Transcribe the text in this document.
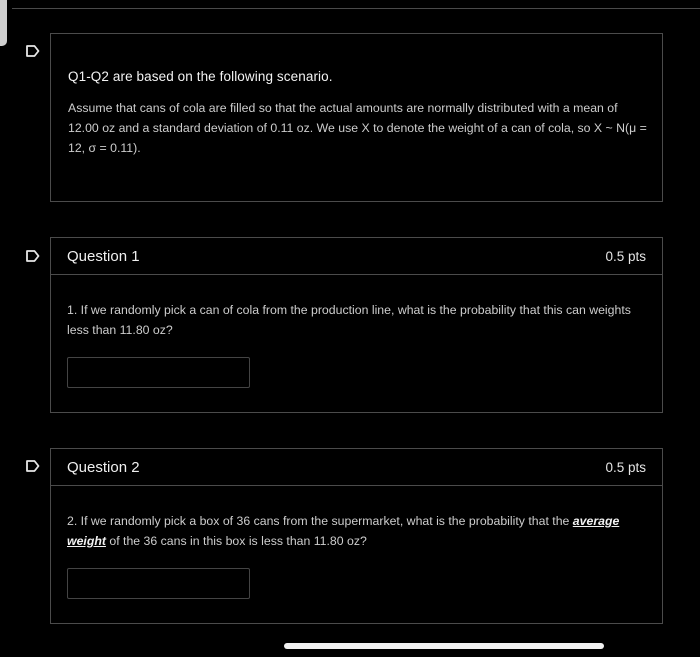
Q1-Q2 are based on the following scenario.
Assume that cans of cola are filled so that the actual amounts are normally distributed with a mean of 12.00 oz and a standard deviation of 0.11 oz. We use X to denote the weight of a can of cola, so X ~ N(μ = 12, σ = 0.11).
Question 1	0.5 pts
1. If we randomly pick a can of cola from the production line, what is the probability that this can weights less than 11.80 oz?
Question 2	0.5 pts
2. If we randomly pick a box of 36 cans from the supermarket, what is the probability that the average weight of the 36 cans in this box is less than 11.80 oz?
